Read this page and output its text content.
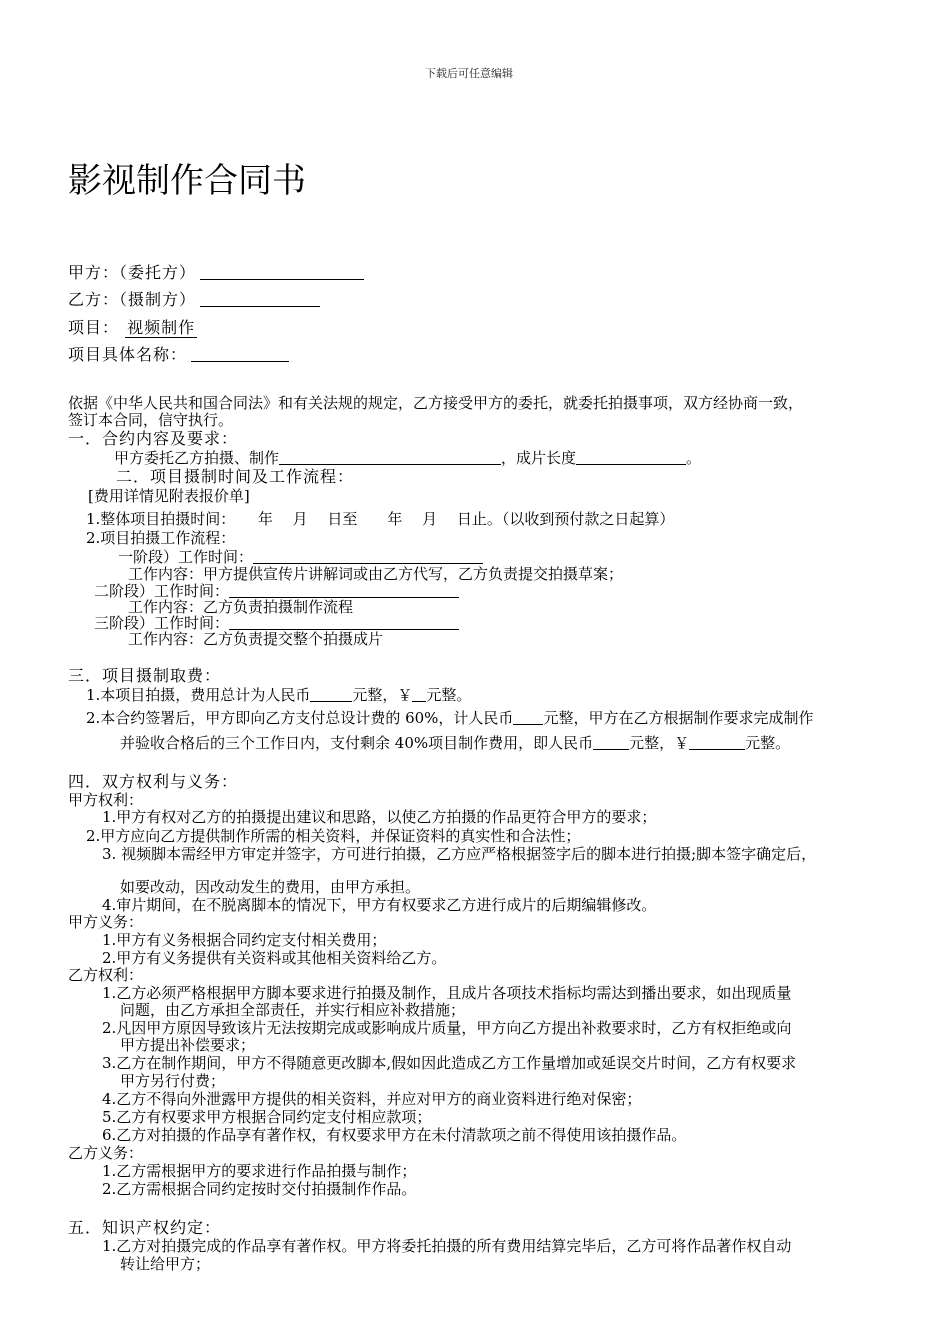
下载后可任意编辑
影视制作合同书
甲方：（委托方）
乙方：（摄制方）
项目： 视频制作
项目具体名称：
依据《中华人民共和国合同法》和有关法规的规定，乙方接受甲方的委托，就委托拍摄事项，双方经协商一致，
签订本合同，信守执行。
一．合约内容及要求：
甲方委托乙方拍摄、制作	，成片长度	。
二．项目摄制时间及工作流程：
[费用详情见附表报价单]
1.整体项目拍摄时间：　　年　 月　 日至　　年　 月　 日止。（以收到预付款之日起算）
2.项目拍摄工作流程：
一阶段）工作时间：
工作内容：甲方提供宣传片讲解词或由乙方代写，乙方负责提交拍摄草案；
二阶段）工作时间：
工作内容：乙方负责拍摄制作流程
三阶段）工作时间：
工作内容：乙方负责提交整个拍摄成片
三．项目摄制取费：
1.本项目拍摄，费用总计为人民币	元整，￥ 元整。
2.本合约签署后，甲方即向乙方支付总设计费的 60%，计人民币 元整，甲方在乙方根据制作要求完成制作
并验收合格后的三个工作日内，支付剩余 40%项目制作费用，即人民币 元整，￥	元整。
四．双方权利与义务：
甲方权利：
1.甲方有权对乙方的拍摄提出建议和思路，以使乙方拍摄的作品更符合甲方的要求；
2.甲方应向乙方提供制作所需的相关资料，并保证资料的真实性和合法性；
3. 视频脚本需经甲方审定并签字，方可进行拍摄，乙方应严格根据签字后的脚本进行拍摄;脚本签字确定后，
如要改动，因改动发生的费用，由甲方承担。
4.审片期间，在不脱离脚本的情况下，甲方有权要求乙方进行成片的后期编辑修改。
甲方义务：
1.甲方有义务根据合同约定支付相关费用；
2.甲方有义务提供有关资料或其他相关资料给乙方。
乙方权利：
1.乙方必须严格根据甲方脚本要求进行拍摄及制作，且成片各项技术指标均需达到播出要求，如出现质量
问题，由乙方承担全部责任，并实行相应补救措施；
2.凡因甲方原因导致该片无法按期完成或影响成片质量，甲方向乙方提出补救要求时，乙方有权拒绝或向
甲方提出补偿要求；
3.乙方在制作期间，甲方不得随意更改脚本,假如因此造成乙方工作量增加或延误交片时间，乙方有权要求
甲方另行付费；
4.乙方不得向外泄露甲方提供的相关资料，并应对甲方的商业资料进行绝对保密；
5.乙方有权要求甲方根据合同约定支付相应款项；
6.乙方对拍摄的作品享有著作权，有权要求甲方在未付清款项之前不得使用该拍摄作品。
乙方义务：
1.乙方需根据甲方的要求进行作品拍摄与制作；
2.乙方需根据合同约定按时交付拍摄制作作品。
五．知识产权约定：
1.乙方对拍摄完成的作品享有著作权。甲方将委托拍摄的所有费用结算完毕后，乙方可将作品著作权自动
转让给甲方；
